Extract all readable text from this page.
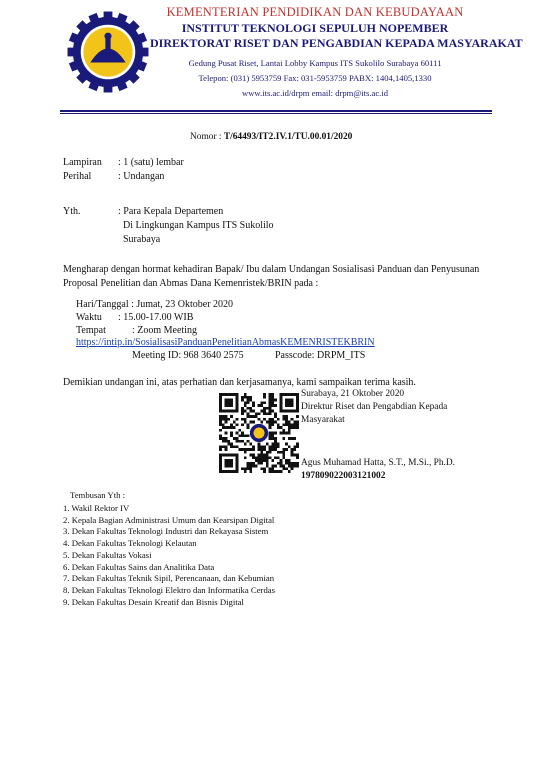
KEMENTERIAN PENDIDIKAN DAN KEBUDAYAAN
INSTITUT TEKNOLOGI SEPULUH NOPEMBER
DIREKTORAT RISET DAN PENGABDIAN KEPADA MASYARAKAT
Gedung Pusat Riset, Lantai Lobby Kampus ITS Sukolilo Surabaya 60111
Telepon: (031) 5953759 Fax: 031-5953759 PABX: 1404,1405,1330
www.its.ac.id/drpm email: drpm@its.ac.id
Nomor : T/64493/IT2.IV.1/TU.00.01/2020
Lampiran : 1 (satu) lembar
Perihal	: Undangan
Yth.	: Para Kepala Departemen
Di Lingkungan Kampus ITS Sukolilo
Surabaya
Mengharap dengan hormat kehadiran Bapak/ Ibu dalam Undangan Sosialisasi Panduan dan Penyusunan
Proposal Penelitian dan Abmas Dana Kemenristek/BRIN pada :
Hari/Tanggal : Jumat, 23 Oktober 2020
Waktu : 15.00-17.00 WIB
Tempat	: Zoom Meeting
https://intip.in/SosialisasiPanduanPenelitianAbmasKEMENRISTEKBRIN
Meeting ID: 968 3640 2575	Passcode: DRPM_ITS
Demikian undangan ini, atas perhatian dan kerjasamanya, kami sampaikan terima kasih.
Surabaya, 21 Oktober 2020
Direktur Riset dan Pengabdian Kepada
Masyarakat
Agus Muhamad Hatta, S.T., M.Si., Ph.D.
197809022003121002
Tembusan Yth :
1. Wakil Rektor IV
2. Kepala Bagian Administrasi Umum dan Kearsipan Digital
3. Dekan Fakultas Teknologi Industri dan Rekayasa Sistem
4. Dekan Fakultas Teknologi Kelautan
5. Dekan Fakultas Vokasi
6. Dekan Fakultas Sains dan Analitika Data
7. Dekan Fakultas Teknik Sipil, Perencanaan, dan Kebumian
8. Dekan Fakultas Teknologi Elektro dan Informatika Cerdas
9. Dekan Fakultas Desain Kreatif dan Bisnis Digital
